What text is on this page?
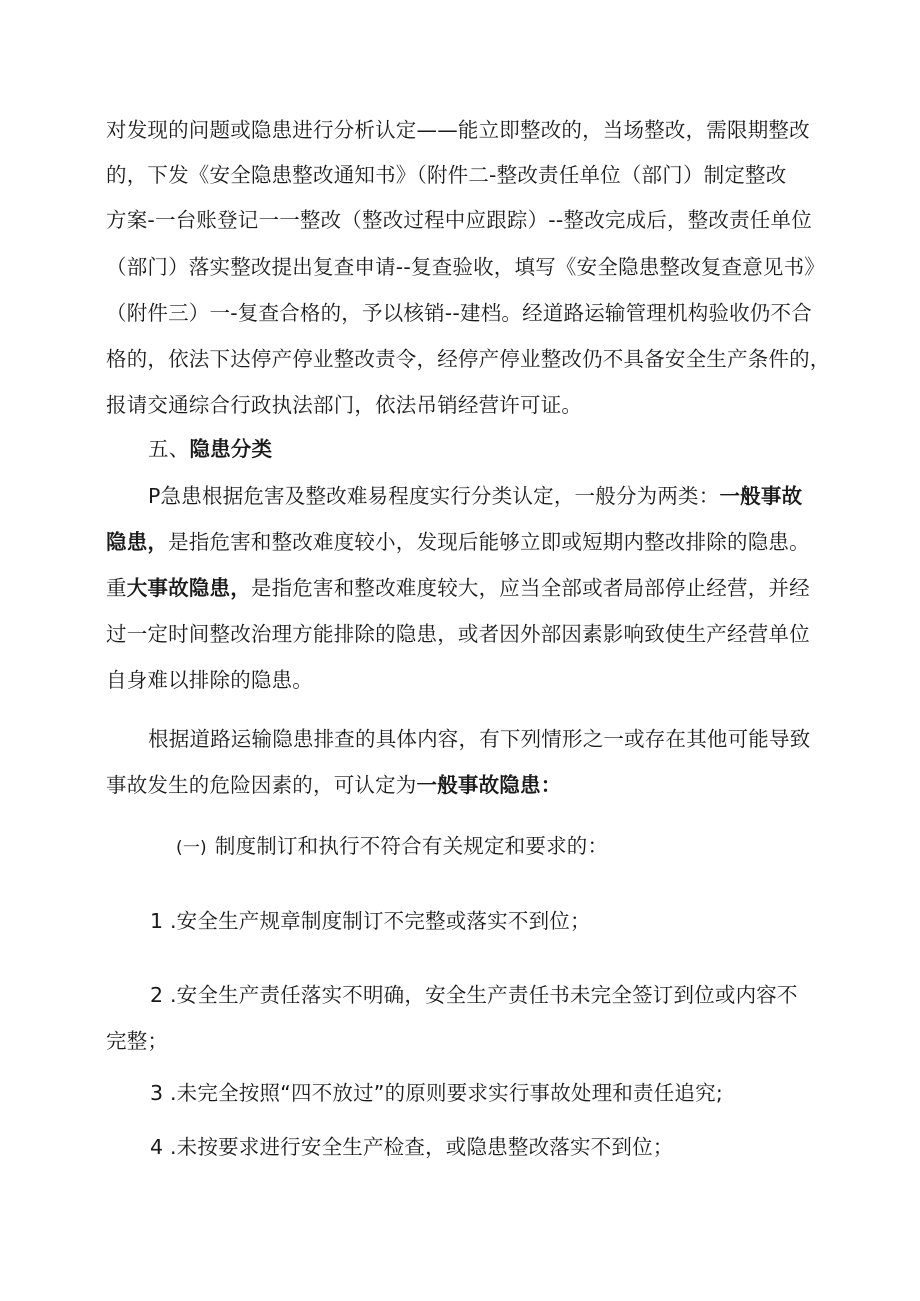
对发现的问题或隐患进行分析认定——能立即整改的，当场整改，需限期整改
的，下发《安全隐患整改通知书》（附件二-整改责任单位（部门）制定整改
方案-一台账登记一一整改（整改过程中应跟踪）--整改完成后，整改责任单位
（部门）落实整改提出复查申请--复查验收，填写《安全隐患整改复查意见书》
（附件三）一-复查合格的，予以核销--建档。经道路运输管理机构验收仍不合
格的，依法下达停产停业整改责令，经停产停业整改仍不具备安全生产条件的，
报请交通综合行政执法部门，依法吊销经营许可证。
五、隐患分类
P急患根据危害及整改难易程度实行分类认定，一般分为两类：一般事故
隐患，是指危害和整改难度较小，发现后能够立即或短期内整改排除的隐患。
重大事故隐患，是指危害和整改难度较大，应当全部或者局部停止经营，并经
过一定时间整改治理方能排除的隐患，或者因外部因素影响致使生产经营单位
自身难以排除的隐患。
根据道路运输隐患排查的具体内容，有下列情形之一或存在其他可能导致
事故发生的危险因素的，可认定为一般事故隐患：
(一) 制度制订和执行不符合有关规定和要求的：
1 .安全生产规章制度制订不完整或落实不到位；
2 .安全生产责任落实不明确，安全生产责任书未完全签订到位或内容不
完整；
3 .未完全按照“四不放过”的原则要求实行事故处理和责任追究;
4 .未按要求进行安全生产检查，或隐患整改落实不到位；
